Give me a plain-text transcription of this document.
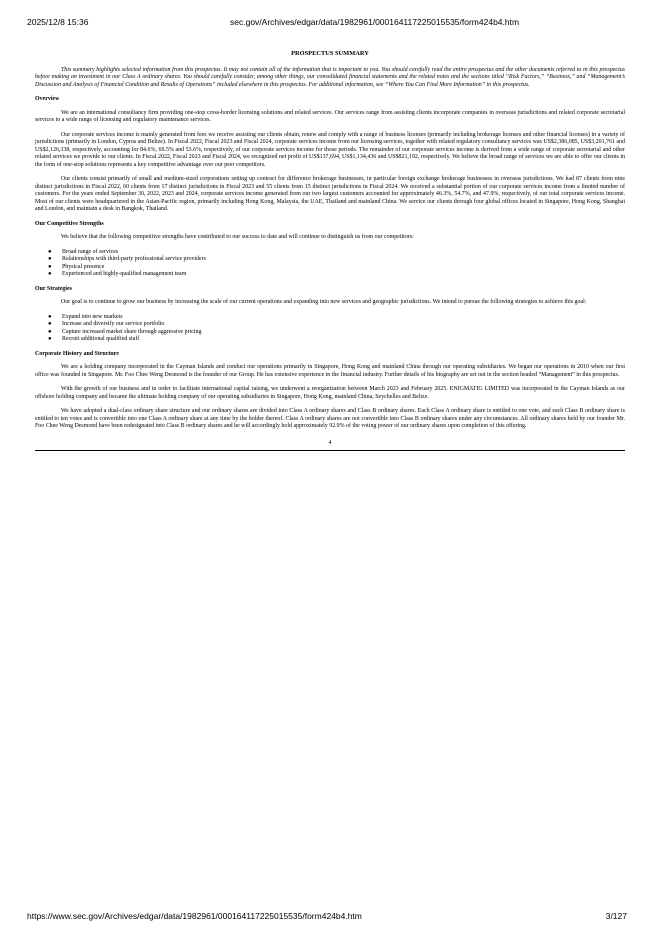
2025/12/8 15:36	sec.gov/Archives/edgar/data/1982961/000164117225015535/form424b4.htm
PROSPECTUS SUMMARY

This summary highlights selected information from this prospectus. It may not contain all of the information that is important to you. You should carefully read the entire prospectus and the other documents referred to in this prospectus before making an investment in our Class A ordinary shares. You should carefully consider, among other things, our consolidated financial statements and the related notes and the sections titled “Risk Factors,” “Business,” and “Management’s Discussion and Analysis of Financial Condition and Results of Operations” included elsewhere in this prospectus. For additional information, see “Where You Can Find More Information” in this prospectus.

Overview

We are an international consultancy firm providing one-stop cross-border licensing solutions and related services. Our services range from assisting clients incorporate companies in overseas jurisdictions and related corporate secretarial services to a wide range of licensing and regulatory maintenance services.

Our corporate services income is mainly generated from fees we receive assisting our clients obtain, renew and comply with a range of business licenses (primarily including brokerage licenses and other financial licenses) in a variety of jurisdictions (primarily in London, Cyprus and Belize). In Fiscal 2022, Fiscal 2023 and Fiscal 2024, corporate services income from our licensing services, together with related regulatory consultancy services was US$2,386,085, US$3,201,761 and US$2,126,338, respectively, accounting for 84.6%, 69.5% and 53.6%, respectively, of our corporate services income for those periods. The remainder of our corporate services income is derived from a wide range of corporate secretarial and other related services we provide to our clients. In Fiscal 2022, Fiscal 2023 and Fiscal 2024, we recognized net profit of US$137,694, US$1,134,436 and US$821,192, respectively. We believe the broad range of services we are able to offer our clients in the form of one-stop solutions represents a key competitive advantage over our peer competitors.

Our clients consist primarily of small and medium-sized corporations setting up contract for difference brokerage businesses, in particular foreign exchange brokerage businesses in overseas jurisdictions. We had 87 clients from nine distinct jurisdictions in Fiscal 2022, 60 clients from 17 distinct jurisdictions in Fiscal 2023 and 55 clients from 15 distinct jurisdictions in Fiscal 2024. We received a substantial portion of our corporate services income from a limited number of customers. For the years ended September 30, 2022, 2023 and 2024, corporate services income generated from our two largest customers accounted for approximately 46.3%, 54.7%, and 47.9%, respectively, of our total corporate services income. Most of our clients were headquartered in the Asian-Pacific region, primarily including Hong Kong, Malaysia, the UAE, Thailand and mainland China. We service our clients through four global offices located in Singapore, Hong Kong, Shanghai and London, and maintain a desk in Bangkok, Thailand.

Our Competitive Strengths

We believe that the following competitive strengths have contributed to our success to date and will continue to distinguish us from our competitors:

● Broad range of services
● Relationships with third-party professional service providers
● Physical presence
● Experienced and highly-qualified management team
Our Strategies

Our goal is to continue to grow our business by increasing the scale of our current operations and expanding into new services and geographic jurisdictions. We intend to pursue the following strategies to achieve this goal:

● Expand into new markets
● Increase and diversify our service portfolio
● Capture increased market share through aggressive pricing
● Recruit additional qualified staff
Corporate History and Structure

We are a holding company incorporated in the Cayman Islands and conduct our operations primarily in Singapore, Hong Kong and mainland China through our operating subsidiaries. We began our operations in 2010 when our first office was founded in Singapore. Mr. Foo Chee Weng Desmond is the founder of our Group. He has extensive experience in the financial industry. Further details of his biography are set out in the section headed “Management” in this prospectus.

With the growth of our business and in order to facilitate international capital raising, we underwent a reorganization between March 2023 and February 2025. ENIGMATIG LIMITED was incorporated in the Cayman Islands as our offshore holding company and became the ultimate holding company of our operating subsidiaries in Singapore, Hong Kong, mainland China, Seychelles and Belize.

We have adopted a dual-class ordinary share structure and our ordinary shares are divided into Class A ordinary shares and Class B ordinary shares. Each Class A ordinary share is entitled to one vote, and each Class B ordinary share is entitled to ten votes and is convertible into one Class A ordinary share at any time by the holder thereof. Class A ordinary shares are not convertible into Class B ordinary shares under any circumstances. All ordinary shares held by our founder Mr. Foo Chee Weng Desmond have been redesignated into Class B ordinary shares and he will accordingly hold approximately 92.9% of the voting power of our ordinary shares upon completion of this offering.

4
https://www.sec.gov/Archives/edgar/data/1982961/000164117225015535/form424b4.htm	3/127
